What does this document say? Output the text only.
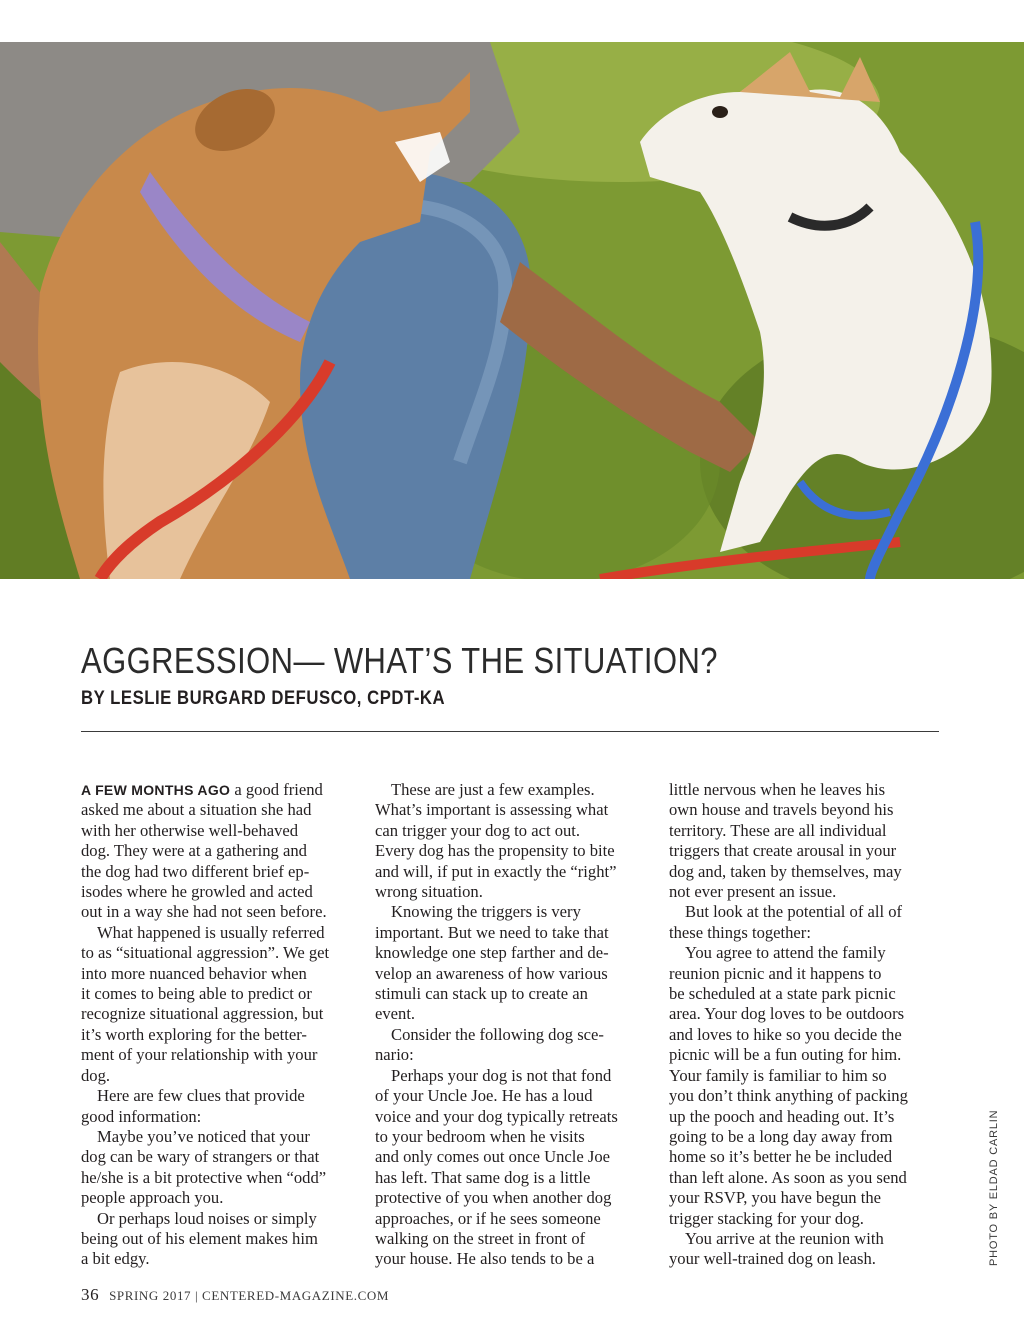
AGGRESSION— WHAT’S THE SITUATION?
BY LESLIE BURGARD DEFUSCO, CPDT-KA

A FEW MONTHS AGO a good friend
asked me about a situation she had
with her otherwise well-behaved
dog. They were at a gathering and
the dog had two different brief ep-
isodes where he growled and acted
out in a way she had not seen before.

What happened is usually referred
to as “situational aggression”. We get
into more nuanced behavior when
it comes to being able to predict or
recognize situational aggression, but
it’s worth exploring for the better-
ment of your relationship with your
dog.

Here are few clues that provide
good information:

Maybe you’ve noticed that your
dog can be wary of strangers or that
he/she is a bit protective when “odd”
people approach you.

Or perhaps loud noises or simply
being out of his element makes him
a bit edgy.

These are just a few examples.
What’s important is assessing what
can trigger your dog to act out.
Every dog has the propensity to bite
and will, if put in exactly the “right”
wrong situation.

Knowing the triggers is very
important. But we need to take that
knowledge one step farther and de-
velop an awareness of how various
stimuli can stack up to create an
event.

Consider the following dog sce-
nario:

Perhaps your dog is not that fond
of your Uncle Joe. He has a loud
voice and your dog typically retreats
to your bedroom when he visits
and only comes out once Uncle Joe
has left. That same dog is a little
protective of you when another dog
approaches, or if he sees someone
walking on the street in front of
your house. He also tends to be a

little nervous when he leaves his
own house and travels beyond his
territory. These are all individual
triggers that create arousal in your
dog and, taken by themselves, may
not ever present an issue.

But look at the potential of all of
these things together:

You agree to attend the family
reunion picnic and it happens to
be scheduled at a state park picnic
area. Your dog loves to be outdoors
and loves to hike so you decide the
picnic will be a fun outing for him.
Your family is familiar to him so
you don’t think anything of packing
up the pooch and heading out. It’s
going to be a long day away from
home so it’s better he be included
than left alone. As soon as you send
your RSVP, you have begun the
trigger stacking for your dog.

You arrive at the reunion with
your well-trained dog on leash.

36 SPRING 2017 | CENTERED-MAGAZINE.COM
PHOTO BY ELDAD CARLIN
